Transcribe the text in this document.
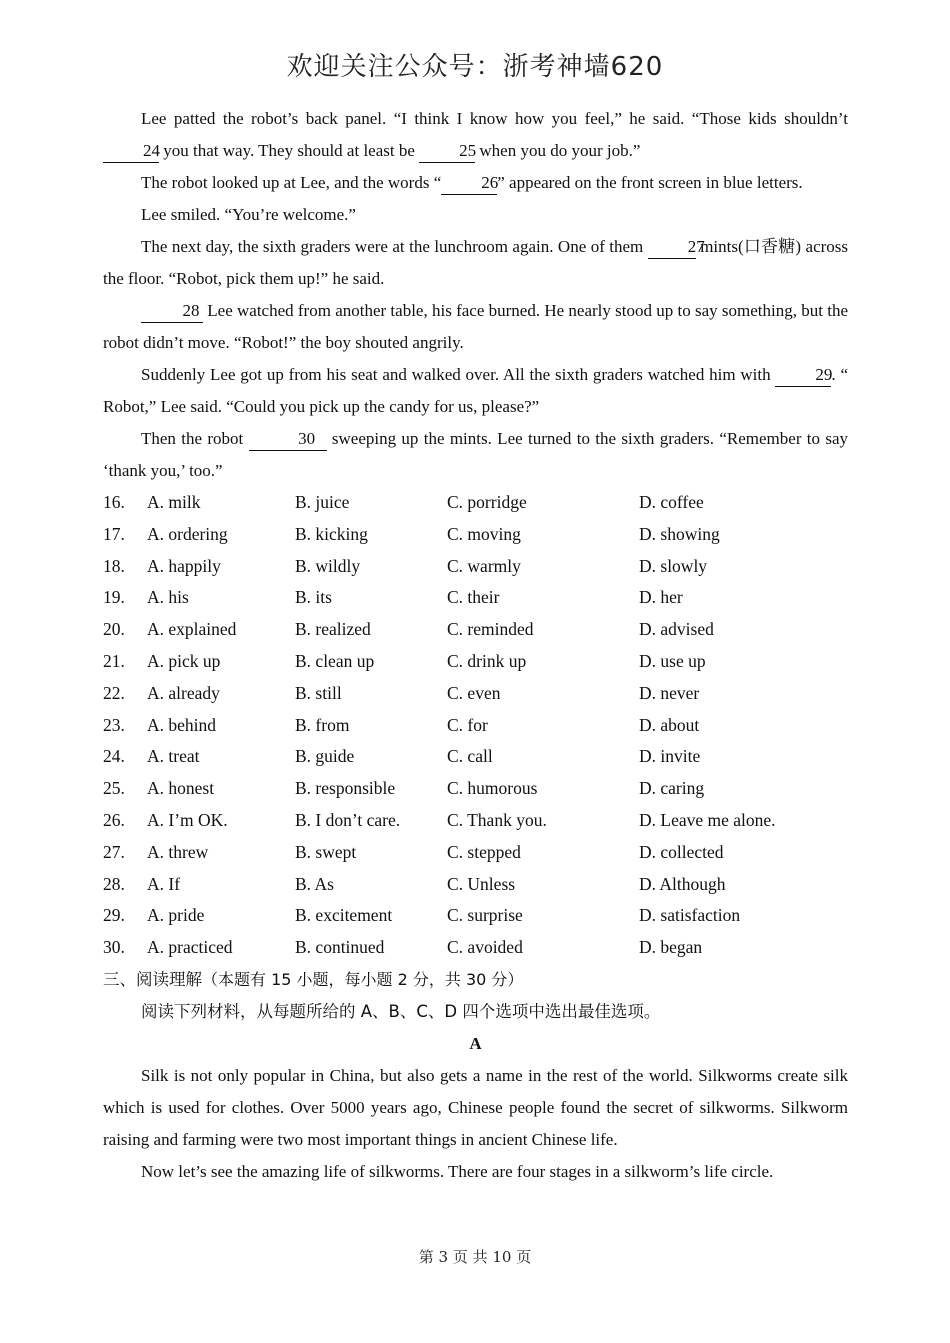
欢迎关注公众号：浙考神墙620

Lee patted the robot’s back panel. “I think I know how you feel,” he said. “Those kids shouldn’t 24 you that way. They should at least be	25 when you do your job.”

The robot looked up at Lee, and the words “ 26” appeared on the front screen in blue letters.

Lee smiled. “You’re welcome.”

The next day, the sixth graders were at the lunchroom again. One of them	27 mints(口香糖) across the floor. “Robot, pick them up!” he said.

28 Lee watched from another table, his face burned. He nearly stood up to say something, but the robot didn’t move. “Robot!” the boy shouted angrily.

Suddenly Lee got up from his seat and walked over. All the sixth graders watched him with	29. “ Robot,” Lee said. “Could you pick up the candy for us, please?”

Then the robot	30 sweeping up the mints. Lee turned to the sixth graders. “Remember to say ‘thank you,’ too.”

16.	A. milk	B. juice	C. porridge	D. coffee
17.	A. ordering	B. kicking	C. moving	D. showing
18.	A. happily	B. wildly	C. warmly	D. slowly
19.	A. his	B. its	C. their	D. her
20.	A. explained	B. realized	C. reminded	D. advised
21.	A. pick up	B. clean up	C. drink up	D. use up
22.	A. already	B. still	C. even	D. never
23.	A. behind	B. from	C. for	D. about
24.	A. treat	B. guide	C. call	D. invite
25.	A. honest	B. responsible	C. humorous	D. caring
26.	A. I’m OK.	B. I don’t care.	C. Thank you.	D. Leave me alone.
27.	A. threw	B. swept	C. stepped	D. collected
28.	A. If	B. As	C. Unless	D. Although
29.	A. pride	B. excitement	C. surprise	D. satisfaction
30.	A. practiced	B. continued	C. avoided	D. began

三、阅读理解（本题有 15 小题，每小题 2 分，共 30 分）

阅读下列材料，从每题所给的 A、B、C、D 四个选项中选出最佳选项。

A

Silk is not only popular in China, but also gets a name in the rest of the world. Silkworms create silk which is used for clothes. Over 5000 years ago, Chinese people found the secret of silkworms. Silkworm raising and farming were two most important things in ancient Chinese life.

Now let’s see the amazing life of silkworms. There are four stages in a silkworm’s life circle.

第 3 页 共 10 页
